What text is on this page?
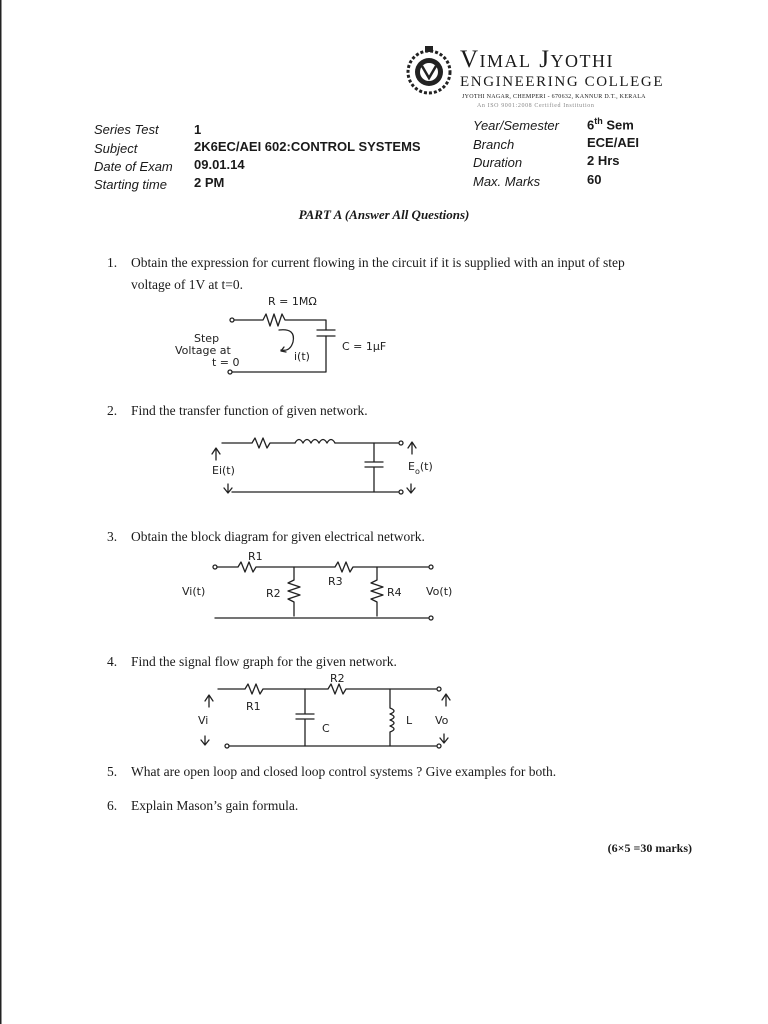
Vimal Jyothi
ENGINEERING COLLEGE
JYOTHI NAGAR, CHEMPERI - 670632, KANNUR D.T., KERALA
An ISO 9001:2008 Certified Institution
Series Test	1
Subject	2K6EC/AEI 602:CONTROL SYSTEMS
Date of Exam 09.01.14
Starting time 2 PM
Year/Semester 6th Sem
Branch	ECE/AEI
Duration	2 Hrs
Max. Marks	60
PART A (Answer All Questions)
1. Obtain the expression for current flowing in the circuit if it is supplied with an input of step
voltage of 1V at t=0.
R = 1MΩ
Step
Voltage at
t = 0	i(t)
C = 1μF
2. Find the transfer function of given network.
Ei(t)	$E_o(t)$
3. Obtain the block diagram for given electrical network.
Vi(t)
R1
R2
R3
R4 Vo(t)
4. Find the signal flow graph for the given network.
R1
R2
C
L
Vi	Vo
5. What are open loop and closed loop control systems ? Give examples for both.
6. Explain Mason’s gain formula.
(6×5 =30 marks)
